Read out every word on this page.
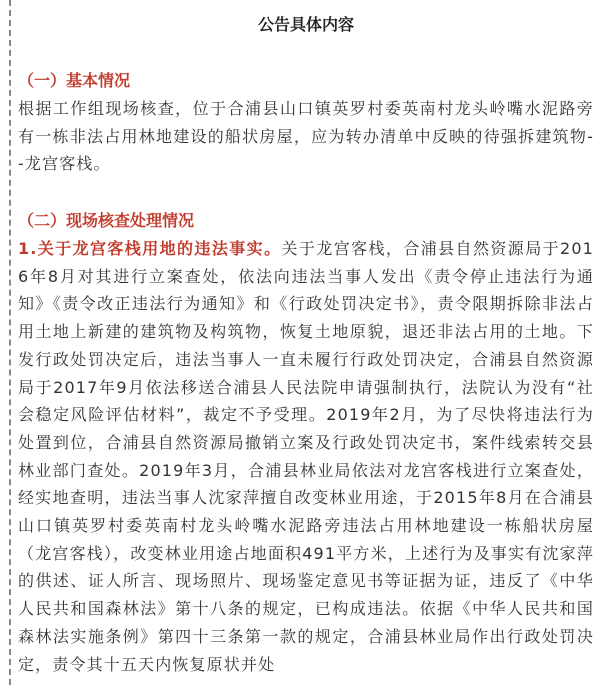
公告具体内容
（一）基本情况
根据工作组现场核查，位于合浦县山口镇英罗村委英南村龙头岭嘴水泥路旁有一栋非法占用林地建设的船状房屋，应为转办清单中反映的待强拆建筑物--龙宫客栈。
（二）现场核查处理情况
1.关于龙宫客栈用地的违法事实。关于龙宫客栈，合浦县自然资源局于2016年8月对其进行立案查处，依法向违法当事人发出《责令停止违法行为通知》《责令改正违法行为通知》和《行政处罚决定书》，责令限期拆除非法占用土地上新建的建筑物及构筑物，恢复土地原貌，退还非法占用的土地。下发行政处罚决定后，违法当事人一直未履行行政处罚决定，合浦县自然资源局于2017年9月依法移送合浦县人民法院申请强制执行，法院认为没有“社会稳定风险评估材料”，裁定不予受理。2019年2月，为了尽快将违法行为处置到位，合浦县自然资源局撤销立案及行政处罚决定书，案件线索转交县林业部门查处。2019年3月，合浦县林业局依法对龙宫客栈进行立案查处，经实地查明，违法当事人沈家萍擅自改变林业用途，于2015年8月在合浦县山口镇英罗村委英南村龙头岭嘴水泥路旁违法占用林地建设一栋船状房屋（龙宫客栈），改变林业用途占地面积491平方米，上述行为及事实有沈家萍的供述、证人所言、现场照片、现场鉴定意见书等证据为证，违反了《中华人民共和国森林法》第十八条的规定，已构成违法。依据《中华人民共和国森林法实施条例》第四十三条第一款的规定，合浦县林业局作出行政处罚决定，责令其十五天内恢复原状并处
